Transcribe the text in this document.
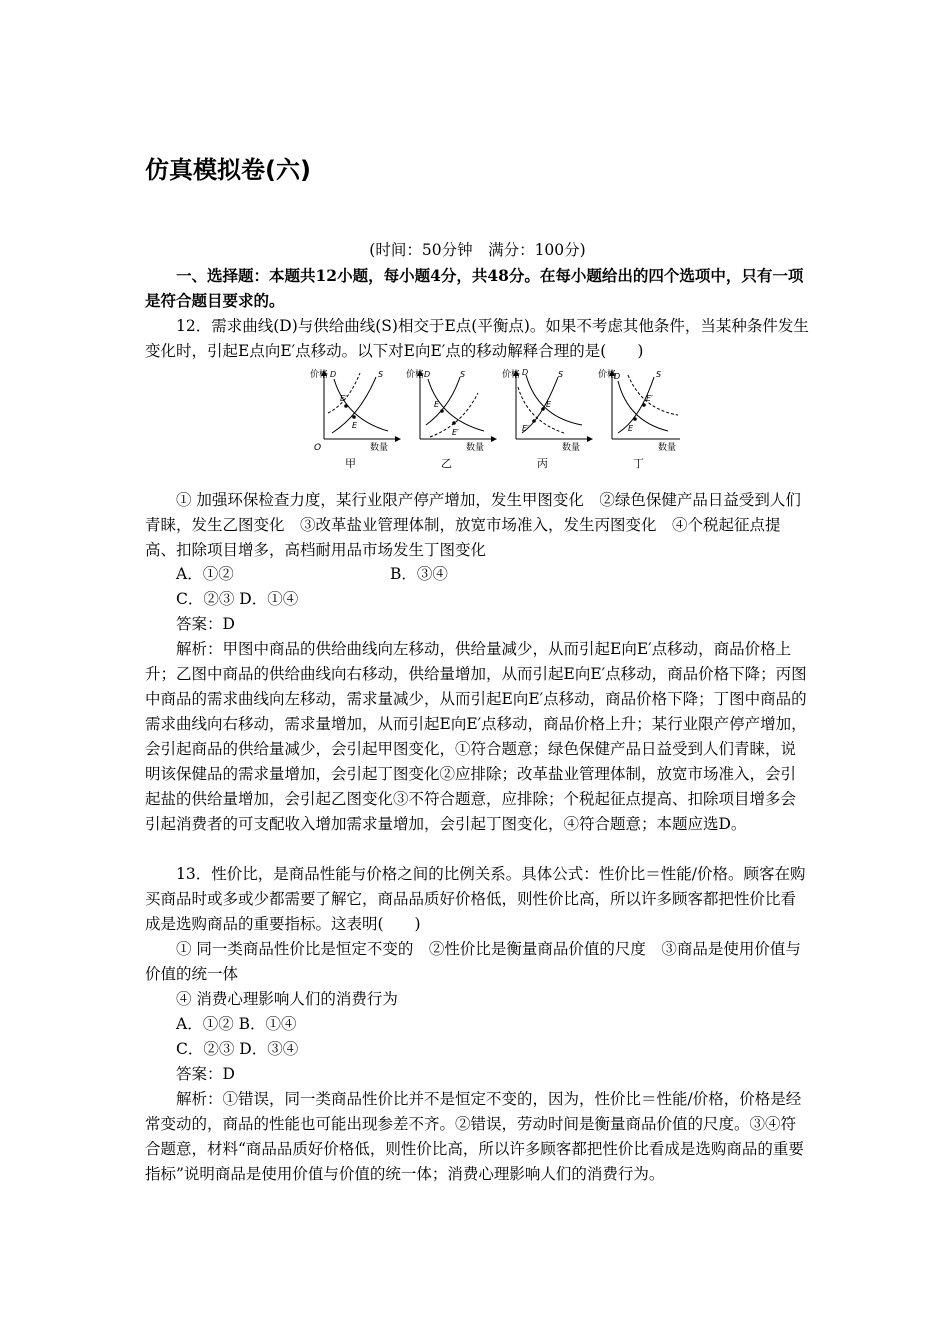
仿真模拟卷(六)

(时间：50分钟　满分：100分)

一、选择题：本题共12小题，每小题4分，共48分。在每小题给出的四个选项中，只有一项是符合题目要求的。

12．需求曲线(D)与供给曲线(S)相交于E点(平衡点)。如果不考虑其他条件，当某种条件发生变化时，引起E点向E′点移动。以下对E向E′点的移动解释合理的是(　　)

价格
O	数量
D	S
E
E′
甲
价格
数量
D	S
E
E′
乙
价格
数量
D	S
E
E′
丙
价格
数量
D	S
E
E′
丁

① 加强环保检查力度，某行业限产停产增加，发生甲图变化　②绿色保健产品日益受到人们青睐，发生乙图变化　③改革盐业管理体制，放宽市场准入，发生丙图变化　④个税起征点提高、扣除项目增多，高档耐用品市场发生丁图变化

A．①②	B．③④

C．②③ D．①④

答案：D

解析：甲图中商品的供给曲线向左移动，供给量减少，从而引起E向E′点移动，商品价格上升；乙图中商品的供给曲线向右移动，供给量增加，从而引起E向E′点移动，商品价格下降；丙图中商品的需求曲线向左移动，需求量减少，从而引起E向E′点移动，商品价格下降；丁图中商品的需求曲线向右移动，需求量增加，从而引起E向E′点移动，商品价格上升；某行业限产停产增加，会引起商品的供给量减少，会引起甲图变化，①符合题意；绿色保健产品日益受到人们青睐，说明该保健品的需求量增加，会引起丁图变化②应排除；改革盐业管理体制，放宽市场准入，会引起盐的供给量增加，会引起乙图变化③不符合题意，应排除；个税起征点提高、扣除项目增多会引起消费者的可支配收入增加需求量增加，会引起丁图变化，④符合题意；本题应选D。

13．性价比，是商品性能与价格之间的比例关系。具体公式：性价比＝性能/价格。顾客在购买商品时或多或少都需要了解它，商品品质好价格低，则性价比高，所以许多顾客都把性价比看成是选购商品的重要指标。这表明(　　)

① 同一类商品性价比是恒定不变的　②性价比是衡量商品价值的尺度　③商品是使用价值与价值的统一体

④ 消费心理影响人们的消费行为

A．①② B．①④

C．②③ D．③④

答案：D

解析：①错误，同一类商品性价比并不是恒定不变的，因为，性价比＝性能/价格，价格是经常变动的，商品的性能也可能出现参差不齐。②错误，劳动时间是衡量商品价值的尺度。③④符合题意，材料“商品品质好价格低，则性价比高，所以许多顾客都把性价比看成是选购商品的重要指标”说明商品是使用价值与价值的统一体；消费心理影响人们的消费行为。
